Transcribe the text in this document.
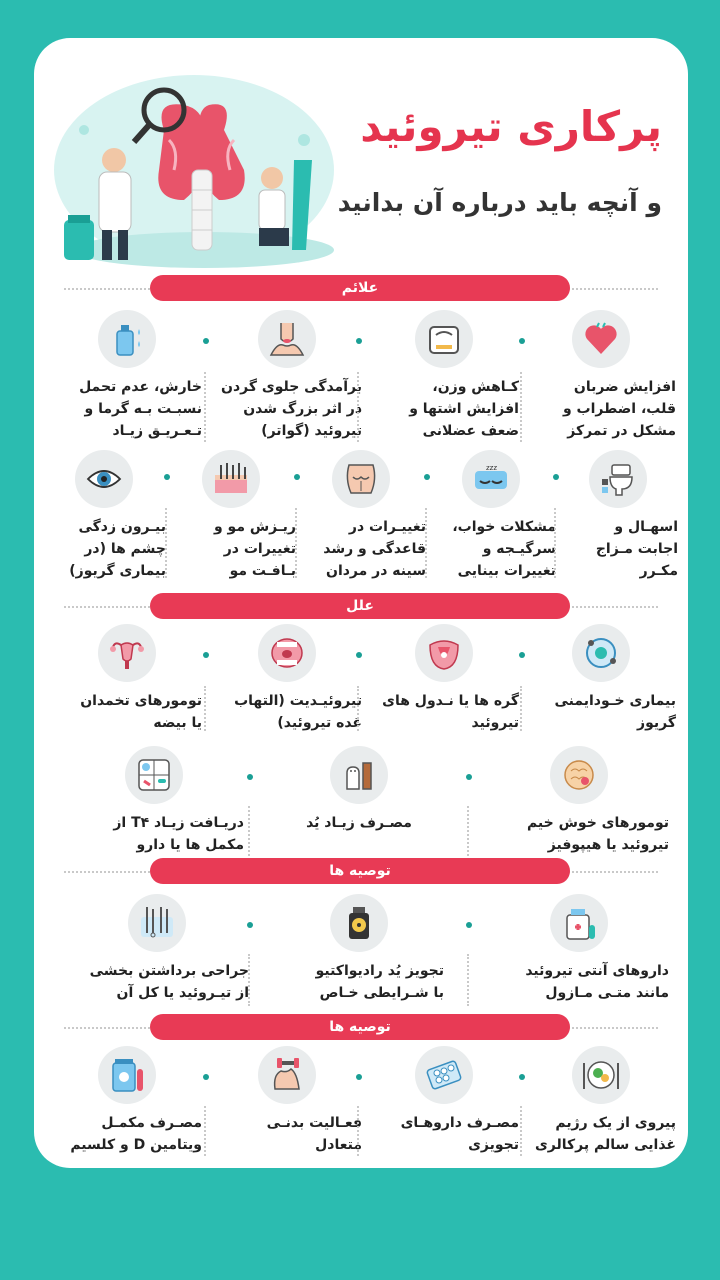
پرکاری تیروئید
و آنچه باید درباره آن بدانید
علائم
افزایش ضربان
قلب، اضطراب و
مشکل در تمرکز
کـاهش وزن،
افزایش اشتها و
ضعف عضلانی
برآمدگی جلوی گردن
در اثر بزرگ شدن
تیروئید (گواتر)
خارش، عدم تحمل
نسبـت بـه گرما و
تـعـریـق زیـاد
اسهـال و
اجابت مـزاج
مکـرر
zzz
مشکلات خواب،
سرگیـجه و
تغییرات بینایی
تغییـرات در
قاعدگی و رشد
سینه در مردان
ریـزش مو و
تغییرات در
بـافـت مو
بیـرون زدگی
چشم ها (در
بیماری گریوز)
علل
بیماری خـودایمنی
گریوز
گره ها یا نـدول های
تیروئید
تیروئیـدیت (التهاب
غده تیروئید)
تومورهای تخمدان
یا بیضه
تومورهای خوش خیم
تیروئید یا هیپوفیز
مصـرف زیـاد یُد
دریـافت زیـاد T۴ از
مکمل ها یا دارو
توصیه ها
داروهای آنتی تیروئید
مانند متـی مـازول
تجویز یُد رادیواکتیو
با شـرایطی خـاص
جراحی برداشتن بخشی
از تیـروئید یا کل آن
توصیه ها
پیروی از یک رژیم
غذایی سالم پرکالری
مصـرف داروهـای
تجویزی
فعـالیت بدنـی
متعادل
مصـرف مکمـل
ویتامین D و کلسیم
